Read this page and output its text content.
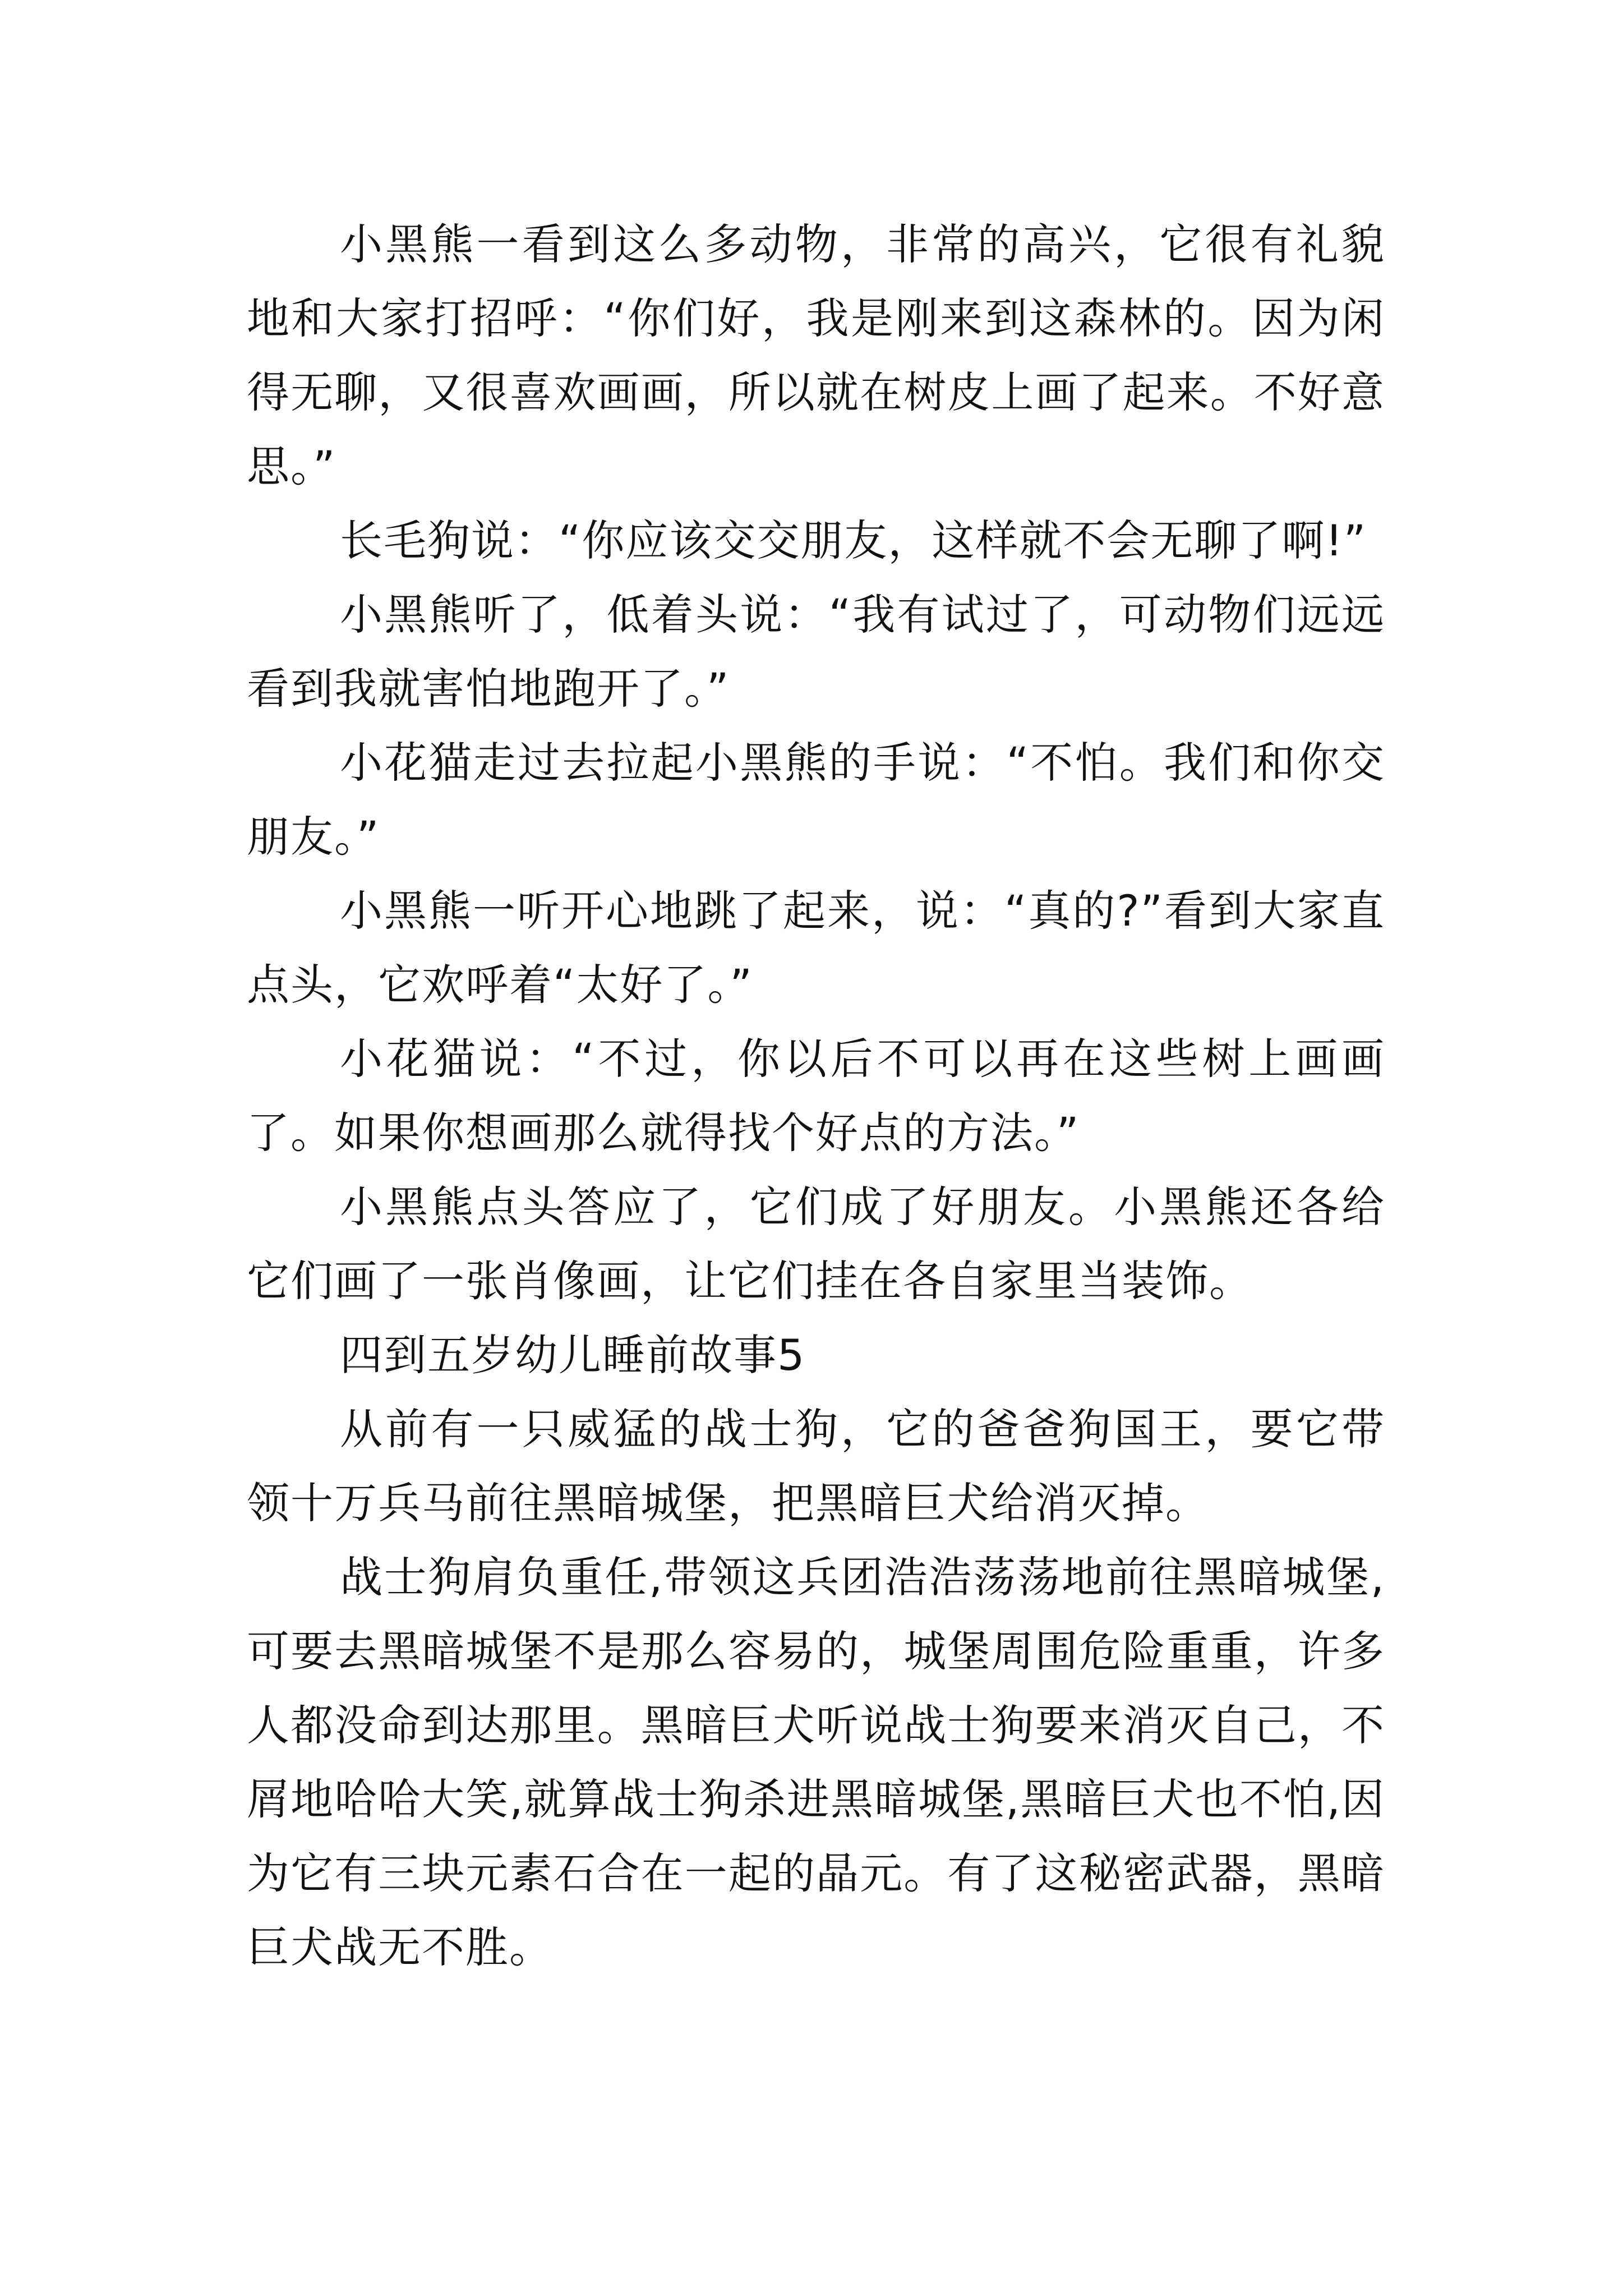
小黑熊一看到这么多动物，非常的高兴，它很有礼貌地和大家打招呼：“你们好，我是刚来到这森林的。因为闲得无聊，又很喜欢画画，所以就在树皮上画了起来。不好意思。”

长毛狗说：“你应该交交朋友，这样就不会无聊了啊!”

小黑熊听了，低着头说：“我有试过了，可动物们远远看到我就害怕地跑开了。”

小花猫走过去拉起小黑熊的手说：“不怕。我们和你交朋友。”

小黑熊一听开心地跳了起来，说：“真的?”看到大家直点头，它欢呼着“太好了。”

小花猫说：“不过，你以后不可以再在这些树上画画了。如果你想画那么就得找个好点的方法。”

小黑熊点头答应了，它们成了好朋友。小黑熊还各给它们画了一张肖像画，让它们挂在各自家里当装饰。

四到五岁幼儿睡前故事5

从前有一只威猛的战士狗，它的爸爸狗国王，要它带领十万兵马前往黑暗城堡，把黑暗巨犬给消灭掉。

战士狗肩负重任,带领这兵团浩浩荡荡地前往黑暗城堡,可要去黑暗城堡不是那么容易的，城堡周围危险重重，许多人都没命到达那里。黑暗巨犬听说战士狗要来消灭自己，不屑地哈哈大笑,就算战士狗杀进黑暗城堡,黑暗巨犬也不怕,因为它有三块元素石合在一起的晶元。有了这秘密武器，黑暗巨犬战无不胜。
